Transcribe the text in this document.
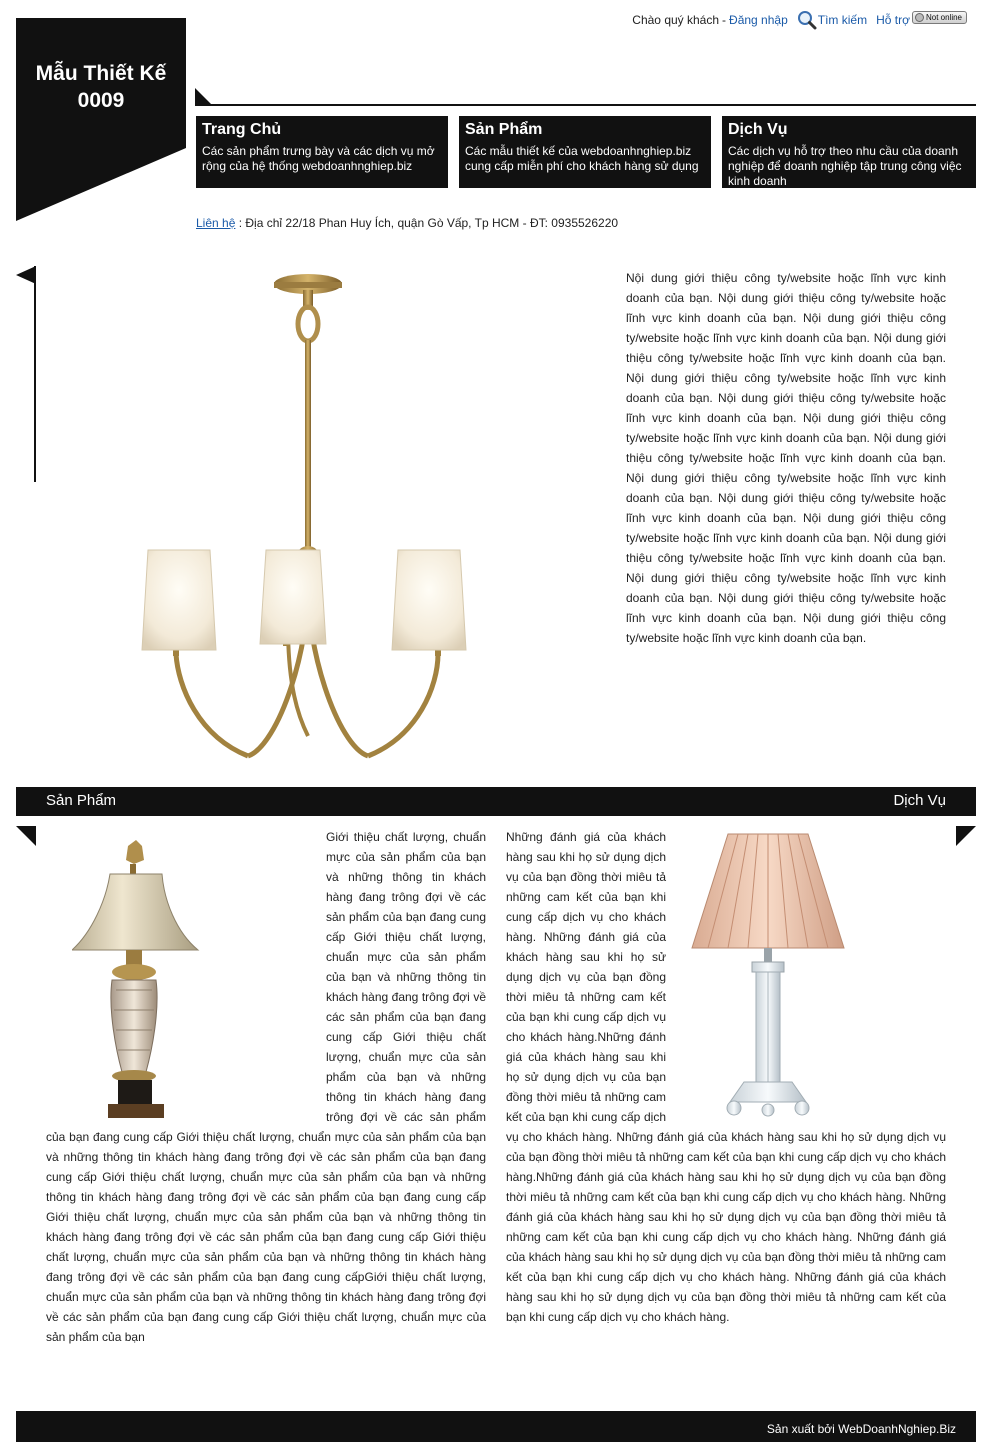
Mẫu Thiết Kế
0009
Chào quý khách - Đăng nhập	Tìm kiếm Hỗ trợ Not online
Trang Chủ
Các sản phẩm trưng bày và các dịch vụ mở rộng của hệ thống webdoanhnghiep.biz
Sản Phẩm
Các mẫu thiết kế của webdoanhnghiep.biz cung cấp miễn phí cho khách hàng sử dụng
Dịch Vụ
Các dịch vụ hỗ trợ theo nhu cầu của doanh nghiệp để doanh nghiệp tập trung công việc kinh doanh
Liên hệ : Địa chỉ 22/18 Phan Huy Ích, quận Gò Vấp, Tp HCM - ĐT: 0935526220
Nội dung giới thiệu công ty/website hoặc lĩnh vực kinh doanh của bạn. Nội dung giới thiệu công ty/website hoặc lĩnh vực kinh doanh của bạn. Nội dung giới thiệu công ty/website hoặc lĩnh vực kinh doanh của bạn. Nội dung giới thiệu công ty/website hoặc lĩnh vực kinh doanh của bạn. Nội dung giới thiệu công ty/website hoặc lĩnh vực kinh doanh của bạn. Nội dung giới thiệu công ty/website hoặc lĩnh vực kinh doanh của bạn. Nội dung giới thiệu công ty/website hoặc lĩnh vực kinh doanh của bạn. Nội dung giới thiệu công ty/website hoặc lĩnh vực kinh doanh của bạn. Nội dung giới thiệu công ty/website hoặc lĩnh vực kinh doanh của bạn. Nội dung giới thiệu công ty/website hoặc lĩnh vực kinh doanh của bạn. Nội dung giới thiệu công ty/website hoặc lĩnh vực kinh doanh của bạn. Nội dung giới thiệu công ty/website hoặc lĩnh vực kinh doanh của bạn. Nội dung giới thiệu công ty/website hoặc lĩnh vực kinh doanh của bạn. Nội dung giới thiệu công ty/website hoặc lĩnh vực kinh doanh của bạn. Nội dung giới thiệu công ty/website hoặc lĩnh vực kinh doanh của bạn.
Sản Phẩm	Dịch Vụ
Giới thiệu chất lượng, chuẩn mực của sản phẩm của bạn và những thông tin khách hàng đang trông đợi về các sản phẩm của bạn đang cung cấp Giới thiệu chất lượng, chuẩn mực của sản phẩm của bạn và những thông tin khách hàng đang trông đợi về các sản phẩm của bạn đang cung cấp Giới thiệu chất lượng, chuẩn mực của sản phẩm của bạn và những thông tin khách hàng đang trông đợi về các sản phẩm của bạn đang cung cấp Giới thiệu chất lượng, chuẩn mực của sản phẩm của bạn và những thông tin khách hàng đang trông đợi về các sản phẩm của bạn đang cung cấp Giới thiệu chất lượng, chuẩn mực của sản phẩm của bạn và những thông tin khách hàng đang trông đợi về các sản phẩm của bạn đang cung cấp Giới thiệu chất lượng, chuẩn mực của sản phẩm của bạn và những thông tin khách hàng đang trông đợi về các sản phẩm của bạn đang cung cấp Giới thiệu chất lượng, chuẩn mực của sản phẩm của bạn và những thông tin khách hàng đang trông đợi về các sản phẩm của bạn đang cung cấpGiới thiệu chất lượng, chuẩn mực của sản phẩm của bạn và những thông tin khách hàng đang trông đợi về các sản phẩm của bạn đang cung cấp Giới thiệu chất lượng, chuẩn mực của sản phẩm của bạn
Những đánh giá của khách hàng sau khi họ sử dụng dịch vụ của bạn đồng thời miêu tả những cam kết của bạn khi cung cấp dịch vụ cho khách hàng. Những đánh giá của khách hàng sau khi họ sử dụng dịch vụ của bạn đồng thời miêu tả những cam kết của bạn khi cung cấp dịch vụ cho khách hàng.Những đánh giá của khách hàng sau khi họ sử dụng dịch vụ của bạn đồng thời miêu tả những cam kết của bạn khi cung cấp dịch vụ cho khách hàng. Những đánh giá của khách hàng sau khi họ sử dụng dịch vụ của bạn đồng thời miêu tả những cam kết của bạn khi cung cấp dịch vụ cho khách hàng.Những đánh giá của khách hàng sau khi họ sử dụng dịch vụ của bạn đồng thời miêu tả những cam kết của bạn khi cung cấp dịch vụ cho khách hàng. Những đánh giá của khách hàng sau khi họ sử dụng dịch vụ của bạn đồng thời miêu tả những cam kết của bạn khi cung cấp dịch vụ cho khách hàng. Những đánh giá của khách hàng sau khi họ sử dụng dịch vụ của bạn đồng thời miêu tả những cam kết của bạn khi cung cấp dịch vụ cho khách hàng. Những đánh giá của khách hàng sau khi họ sử dụng dịch vụ của bạn đồng thời miêu tả những cam kết của bạn khi cung cấp dịch vụ cho khách hàng.
Sản xuất bởi WebDoanhNghiep.Biz
